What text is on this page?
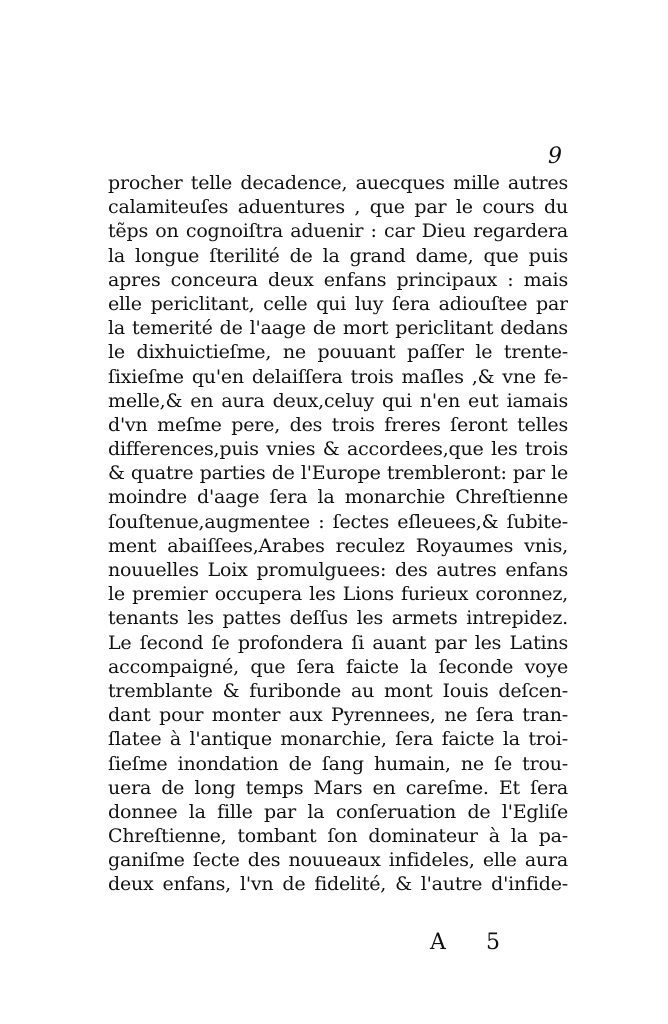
9
procher telle decadence, auecques mille autres
calamiteuſes aduentures , que par le cours du
tẽps on cognoiſtra aduenir : car Dieu regardera
la longue ſterilité de la grand dame, que puis
apres conceura deux enfans principaux : mais
elle periclitant, celle qui luy ſera adiouſtee par
la temerité de l'aage de mort periclitant dedans
le dixhuictieſme, ne pouuant paſſer le trente-
ſixieſme qu'en delaiſſera trois maſles ,& vne fe-
melle,& en aura deux,celuy qui n'en eut iamais
d'vn meſme pere, des trois freres ſeront telles
differences,puis vnies & accordees,que les trois
& quatre parties de l'Europe trembleront: par le
moindre d'aage ſera la monarchie Chreſtienne
ſouſtenue,augmentee : ſectes eſleuees,& ſubite-
ment abaiſſees,Arabes reculez Royaumes vnis,
nouuelles Loix promulguees: des autres enfans
le premier occupera les Lions furieux coronnez,
tenants les pattes deſſus les armets intrepidez.
Le ſecond ſe profondera ſi auant par les Latins
accompaigné, que ſera faicte la ſeconde voye
tremblante & furibonde au mont Iouis deſcen-
dant pour monter aux Pyrennees, ne ſera tran-
ſlatee à l'antique monarchie, ſera faicte la troi-
ſieſme inondation de ſang humain, ne ſe trou-
uera de long temps Mars en careſme. Et ſera
donnee la fille par la conſeruation de l'Egliſe
Chreſtienne, tombant ſon dominateur à la pa-
ganiſme ſecte des nouueaux infideles, elle aura
deux enfans, l'vn de fidelité, & l'autre d'infide-
A 5
